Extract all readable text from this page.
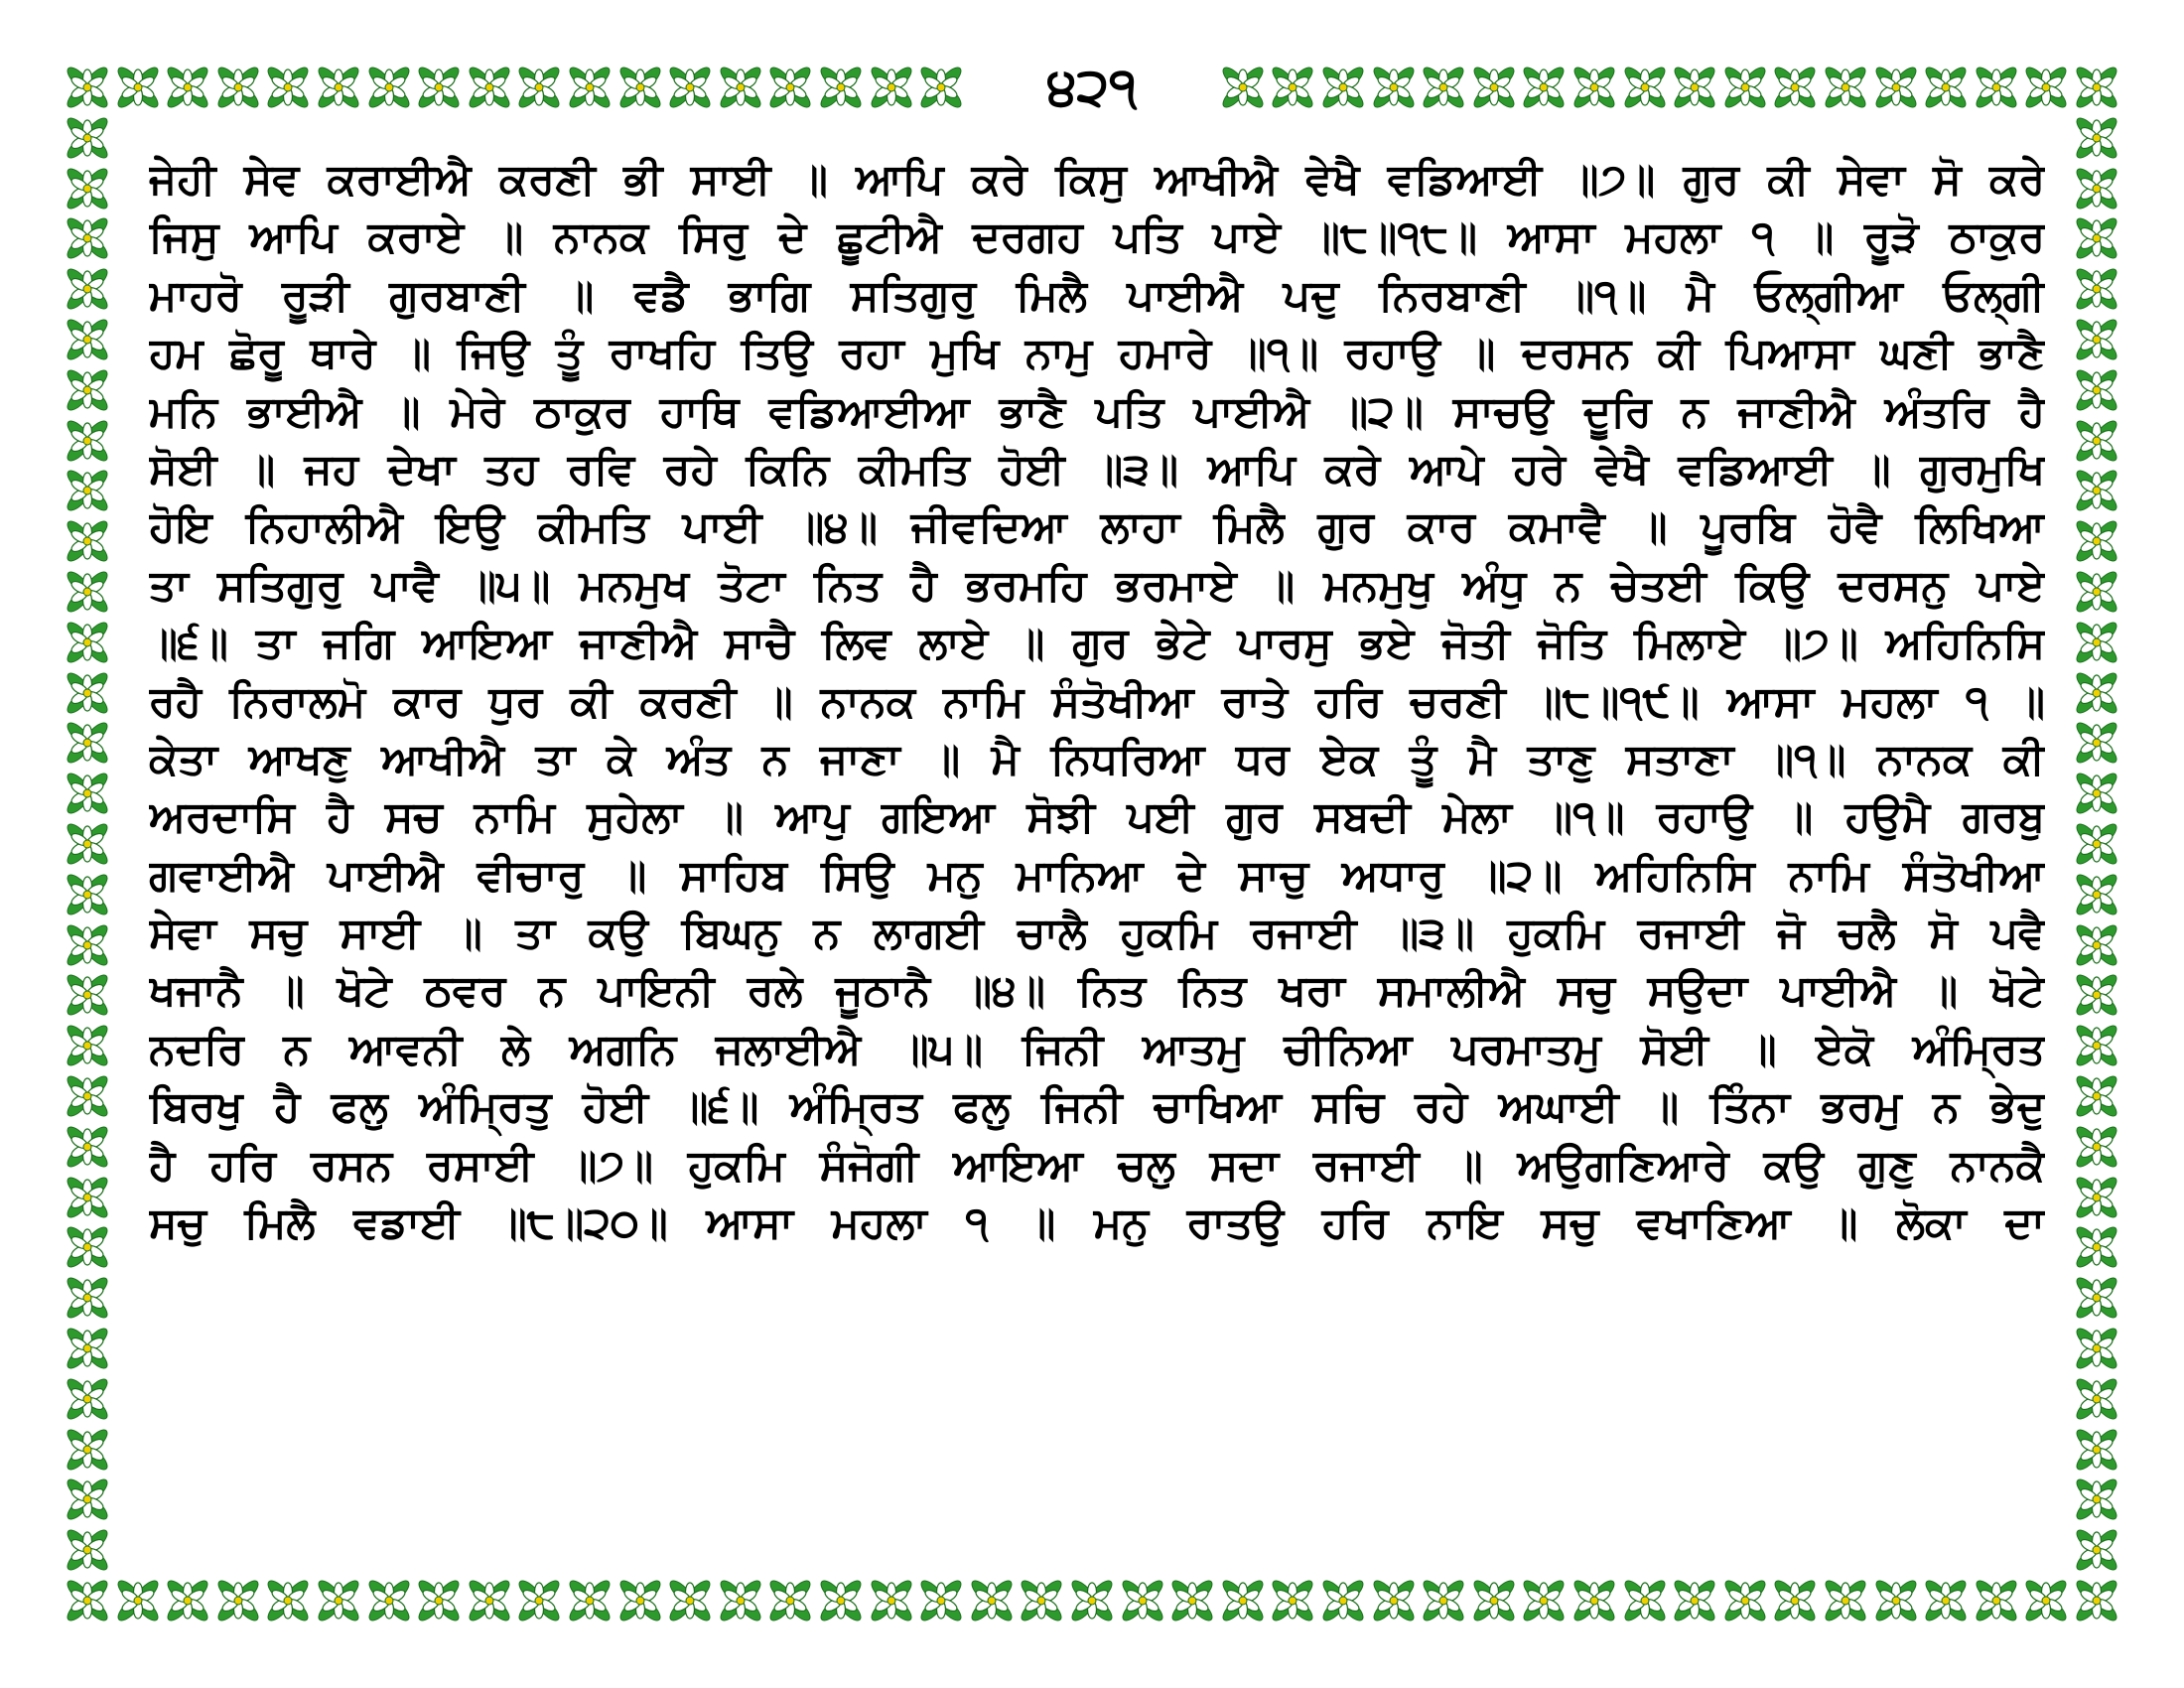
੪੨੧
ਜੇਹੀ ਸੇਵ ਕਰਾਈਐ ਕਰਣੀ ਭੀ ਸਾਈ ॥ ਆਪਿ ਕਰੇ ਕਿਸੁ ਆਖੀਐ ਵੇਖੈ ਵਡਿਆਈ ॥੭॥ ਗੁਰ ਕੀ ਸੇਵਾ ਸੋ ਕਰੇ
ਜਿਸੁ ਆਪਿ ਕਰਾਏ ॥ ਨਾਨਕ ਸਿਰੁ ਦੇ ਛੂਟੀਐ ਦਰਗਹ ਪਤਿ ਪਾਏ ॥੮॥੧੮॥ ਆਸਾ ਮਹਲਾ ੧ ॥ ਰੂੜੋ ਠਾਕੁਰ
ਮਾਹਰੋ ਰੂੜੀ ਗੁਰਬਾਣੀ ॥ ਵਡੈ ਭਾਗਿ ਸਤਿਗੁਰੁ ਮਿਲੈ ਪਾਈਐ ਪਦੁ ਨਿਰਬਾਣੀ ॥੧॥ ਮੈ ਓਲ੍ਗੀਆ ਓਲ੍ਗੀ
ਹਮ ਛੋਰੂ ਥਾਰੇ ॥ ਜਿਉ ਤੂੰ ਰਾਖਹਿ ਤਿਉ ਰਹਾ ਮੁਖਿ ਨਾਮੁ ਹਮਾਰੇ ॥੧॥ ਰਹਾਉ ॥ ਦਰਸਨ ਕੀ ਪਿਆਸਾ ਘਣੀ ਭਾਣੈ
ਮਨਿ ਭਾਈਐ ॥ ਮੇਰੇ ਠਾਕੁਰ ਹਾਥਿ ਵਡਿਆਈਆ ਭਾਣੈ ਪਤਿ ਪਾਈਐ ॥੨॥ ਸਾਚਉ ਦੂਰਿ ਨ ਜਾਣੀਐ ਅੰਤਰਿ ਹੈ
ਸੋਈ ॥ ਜਹ ਦੇਖਾ ਤਹ ਰਵਿ ਰਹੇ ਕਿਨਿ ਕੀਮਤਿ ਹੋਈ ॥੩॥ ਆਪਿ ਕਰੇ ਆਪੇ ਹਰੇ ਵੇਖੈ ਵਡਿਆਈ ॥ ਗੁਰਮੁਖਿ
ਹੋਇ ਨਿਹਾਲੀਐ ਇਉ ਕੀਮਤਿ ਪਾਈ ॥੪॥ ਜੀਵਦਿਆ ਲਾਹਾ ਮਿਲੈ ਗੁਰ ਕਾਰ ਕਮਾਵੈ ॥ ਪੂਰਬਿ ਹੋਵੈ ਲਿਖਿਆ
ਤਾ ਸਤਿਗੁਰੁ ਪਾਵੈ ॥੫॥ ਮਨਮੁਖ ਤੋਟਾ ਨਿਤ ਹੈ ਭਰਮਹਿ ਭਰਮਾਏ ॥ ਮਨਮੁਖੁ ਅੰਧੁ ਨ ਚੇਤਈ ਕਿਉ ਦਰਸਨੁ ਪਾਏ
॥੬॥ ਤਾ ਜਗਿ ਆਇਆ ਜਾਣੀਐ ਸਾਚੈ ਲਿਵ ਲਾਏ ॥ ਗੁਰ ਭੇਟੇ ਪਾਰਸੁ ਭਏ ਜੋਤੀ ਜੋਤਿ ਮਿਲਾਏ ॥੭॥ ਅਹਿਨਿਸਿ
ਰਹੈ ਨਿਰਾਲਮੋ ਕਾਰ ਧੁਰ ਕੀ ਕਰਣੀ ॥ ਨਾਨਕ ਨਾਮਿ ਸੰਤੋਖੀਆ ਰਾਤੇ ਹਰਿ ਚਰਣੀ ॥੮॥੧੯॥ ਆਸਾ ਮਹਲਾ ੧ ॥
ਕੇਤਾ ਆਖਣੁ ਆਖੀਐ ਤਾ ਕੇ ਅੰਤ ਨ ਜਾਣਾ ॥ ਮੈ ਨਿਧਰਿਆ ਧਰ ਏਕ ਤੂੰ ਮੈ ਤਾਣੁ ਸਤਾਣਾ ॥੧॥ ਨਾਨਕ ਕੀ
ਅਰਦਾਸਿ ਹੈ ਸਚ ਨਾਮਿ ਸੁਹੇਲਾ ॥ ਆਪੁ ਗਇਆ ਸੋਝੀ ਪਈ ਗੁਰ ਸਬਦੀ ਮੇਲਾ ॥੧॥ ਰਹਾਉ ॥ ਹਉਮੈ ਗਰਬੁ
ਗਵਾਈਐ ਪਾਈਐ ਵੀਚਾਰੁ ॥ ਸਾਹਿਬ ਸਿਉ ਮਨੁ ਮਾਨਿਆ ਦੇ ਸਾਚੁ ਅਧਾਰੁ ॥੨॥ ਅਹਿਨਿਸਿ ਨਾਮਿ ਸੰਤੋਖੀਆ
ਸੇਵਾ ਸਚੁ ਸਾਈ ॥ ਤਾ ਕਉ ਬਿਘਨੁ ਨ ਲਾਗਈ ਚਾਲੈ ਹੁਕਮਿ ਰਜਾਈ ॥੩॥ ਹੁਕਮਿ ਰਜਾਈ ਜੋ ਚਲੈ ਸੋ ਪਵੈ
ਖਜਾਨੈ ॥ ਖੋਟੇ ਠਵਰ ਨ ਪਾਇਨੀ ਰਲੇ ਜੂਠਾਨੈ ॥੪॥ ਨਿਤ ਨਿਤ ਖਰਾ ਸਮਾਲੀਐ ਸਚੁ ਸਉਦਾ ਪਾਈਐ ॥ ਖੋਟੇ
ਨਦਰਿ ਨ ਆਵਨੀ ਲੇ ਅਗਨਿ ਜਲਾਈਐ ॥੫॥ ਜਿਨੀ ਆਤਮੁ ਚੀਨਿਆ ਪਰਮਾਤਮੁ ਸੋਈ ॥ ਏਕੋ ਅੰਮ੍ਰਿਤ
ਬਿਰਖੁ ਹੈ ਫਲੁ ਅੰਮ੍ਰਿਤੁ ਹੋਈ ॥੬॥ ਅੰਮ੍ਰਿਤ ਫਲੁ ਜਿਨੀ ਚਾਖਿਆ ਸਚਿ ਰਹੇ ਅਘਾਈ ॥ ਤਿੰਨਾ ਭਰਮੁ ਨ ਭੇਦੁ
ਹੈ ਹਰਿ ਰਸਨ ਰਸਾਈ ॥੭॥ ਹੁਕਮਿ ਸੰਜੋਗੀ ਆਇਆ ਚਲੁ ਸਦਾ ਰਜਾਈ ॥ ਅਉਗਣਿਆਰੇ ਕਉ ਗੁਣੁ ਨਾਨਕੈ
ਸਚੁ ਮਿਲੈ ਵਡਾਈ ॥੮॥੨੦॥ ਆਸਾ ਮਹਲਾ ੧ ॥ ਮਨੁ ਰਾਤਉ ਹਰਿ ਨਾਇ ਸਚੁ ਵਖਾਣਿਆ ॥ ਲੋਕਾ ਦਾ
